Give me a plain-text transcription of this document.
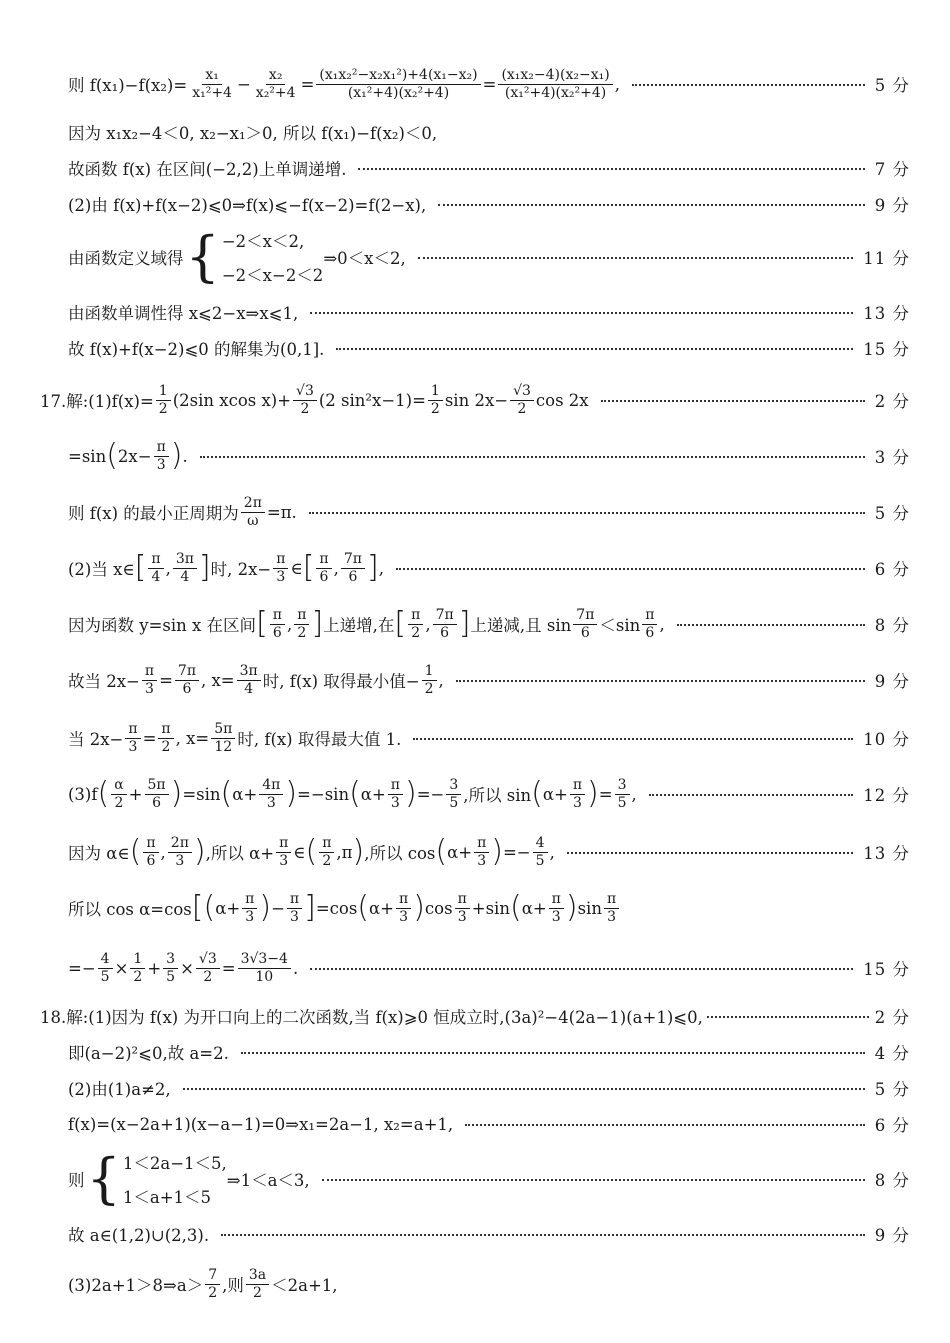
则 $f(x_1)-f(x_2)= \frac{\text{x₁}}{\text{x₁²+4}} - \frac{\text{x₂}}{\text{x₂²+4}} = \frac{\text{(x₁x₂²−x₂x₁²)+4(x₁−x₂)}}{\text{(x₁²+4)(x₂²+4)}} = \frac{\text{(x₁x₂−4)(x₂−x₁)}}{\text{(x₁²+4)(x₂²+4)}}$ ,	5 分
因为 x₁x₂−4＜0, x₂−x₁＞0, 所以 f(x₁)−f(x₂)＜0,
故函数 f(x) 在区间(−2,2)上单调递增.	7 分
(2)由 f(x)+f(x−2)⩽0⇒f(x)⩽−f(x−2)=f(2−x),	9 分
由函数定义域得 { −2＜x＜2,
−2＜x−2＜2
⇒0＜x＜2,	11 分
由函数单调性得 x⩽2−x⇒x⩽1,	13 分
故 f(x)+f(x−2)⩽0 的解集为(0,1].	15 分
17.解:(1)f(x)= $\frac{1}{2} (2\sin$ xcos $x)+ \frac{√3}{2} (2$ $\sin^2x-1)= \frac{1}{2}$ $\sin 2x- \frac{√3}{2}$ cos 2x	2 分
=sin ( $2x- \frac{\pi}{3}$ ) .	3 分
则 f(x) 的最小正周期为 $\frac{2\pi}{\omega} =\pi$.	5 分
(2)当 x∈ [ $\frac{\pi}{4}$ , $\frac{3\pi}{4}$ ] 时, $2x- \frac{\pi}{3}$ ∈ [ $\frac{\pi}{6}$ , $\frac{7\pi}{6}$ ] ,	6 分
因为函数 y=sin x 在区间 [ $\frac{\pi}{6}$ , $\frac{\pi}{2}$ ] 上递增,在 [ $\frac{\pi}{2}$ , $\frac{7\pi}{6}$ ] 上递减,且 $\sin \frac{7\pi}{6} <\sin \frac{\pi}{6}$ ,	8 分
故当 $2x- \frac{\pi}{3} = \frac{7\pi}{6}$ , $x= \frac{3\pi}{4}$ 时, f(x) 取得最小值− $\frac{1}{2}$ ,	9 分
当 $2x- \frac{\pi}{3} = \frac{\pi}{2}$ , $x= \frac{5\pi}{12}$ 时, f(x) 取得最大值 1.	10 分
(3)f ( $\frac{\alpha}{2} + \frac{5\pi}{6}$ ) =sin ( $\alpha+ \frac{4\pi}{3}$ ) =−sin ( $\alpha+ \frac{\pi}{3}$ ) =− $\frac{3}{5}$ ,所以 sin ( $\alpha+ \frac{\pi}{3}$ ) = $\frac{3}{5}$ ,	12 分
因为 α∈ ( $\frac{\pi}{6}$ , $\frac{2\pi}{3}$ ) ,所以 $\alpha+ \frac{\pi}{3}$ ∈ ( $\frac{\pi}{2} ,\pi$ ) ,所以 cos ( $\alpha+ \frac{\pi}{3}$ ) =− $\frac{4}{5}$ ,	13 分
所以 cos α=cos [ ( $\alpha+ \frac{\pi}{3}$ ) − $\frac{\pi}{3}$ ] =cos ( $\alpha+ \frac{\pi}{3}$ ) $\cos \frac{\pi}{3} +\sin$ ( $\alpha+ \frac{\pi}{3}$ ) $\sin \frac{\pi}{3}$
=− $\frac{4}{5} \times \frac{1}{2} + \frac{3}{5} \times \frac{√3}{2} = \frac{3√3-4}{10}$ .	15 分
18.解:(1)因为 f(x) 为开口向上的二次函数,当 f(x)⩾0 恒成立时,(3a)²−4(2a−1)(a+1)⩽0,	2 分
即(a−2)²⩽0,故 a=2.	4 分
(2)由(1)a≠2,	5 分
f(x)=(x−2a+1)(x−a−1)=0⇒x₁=2a−1, x₂=a+1,	6 分
则 { 1＜2a−1＜5,
1＜a+1＜5
⇒1＜a＜3,	8 分
故 a∈(1,2)∪(2,3).	9 分
(3)2a+1＞8⇒a＞ $\frac{7}{2}$ ,则 $\frac{3a}{2} <2a+1$,
